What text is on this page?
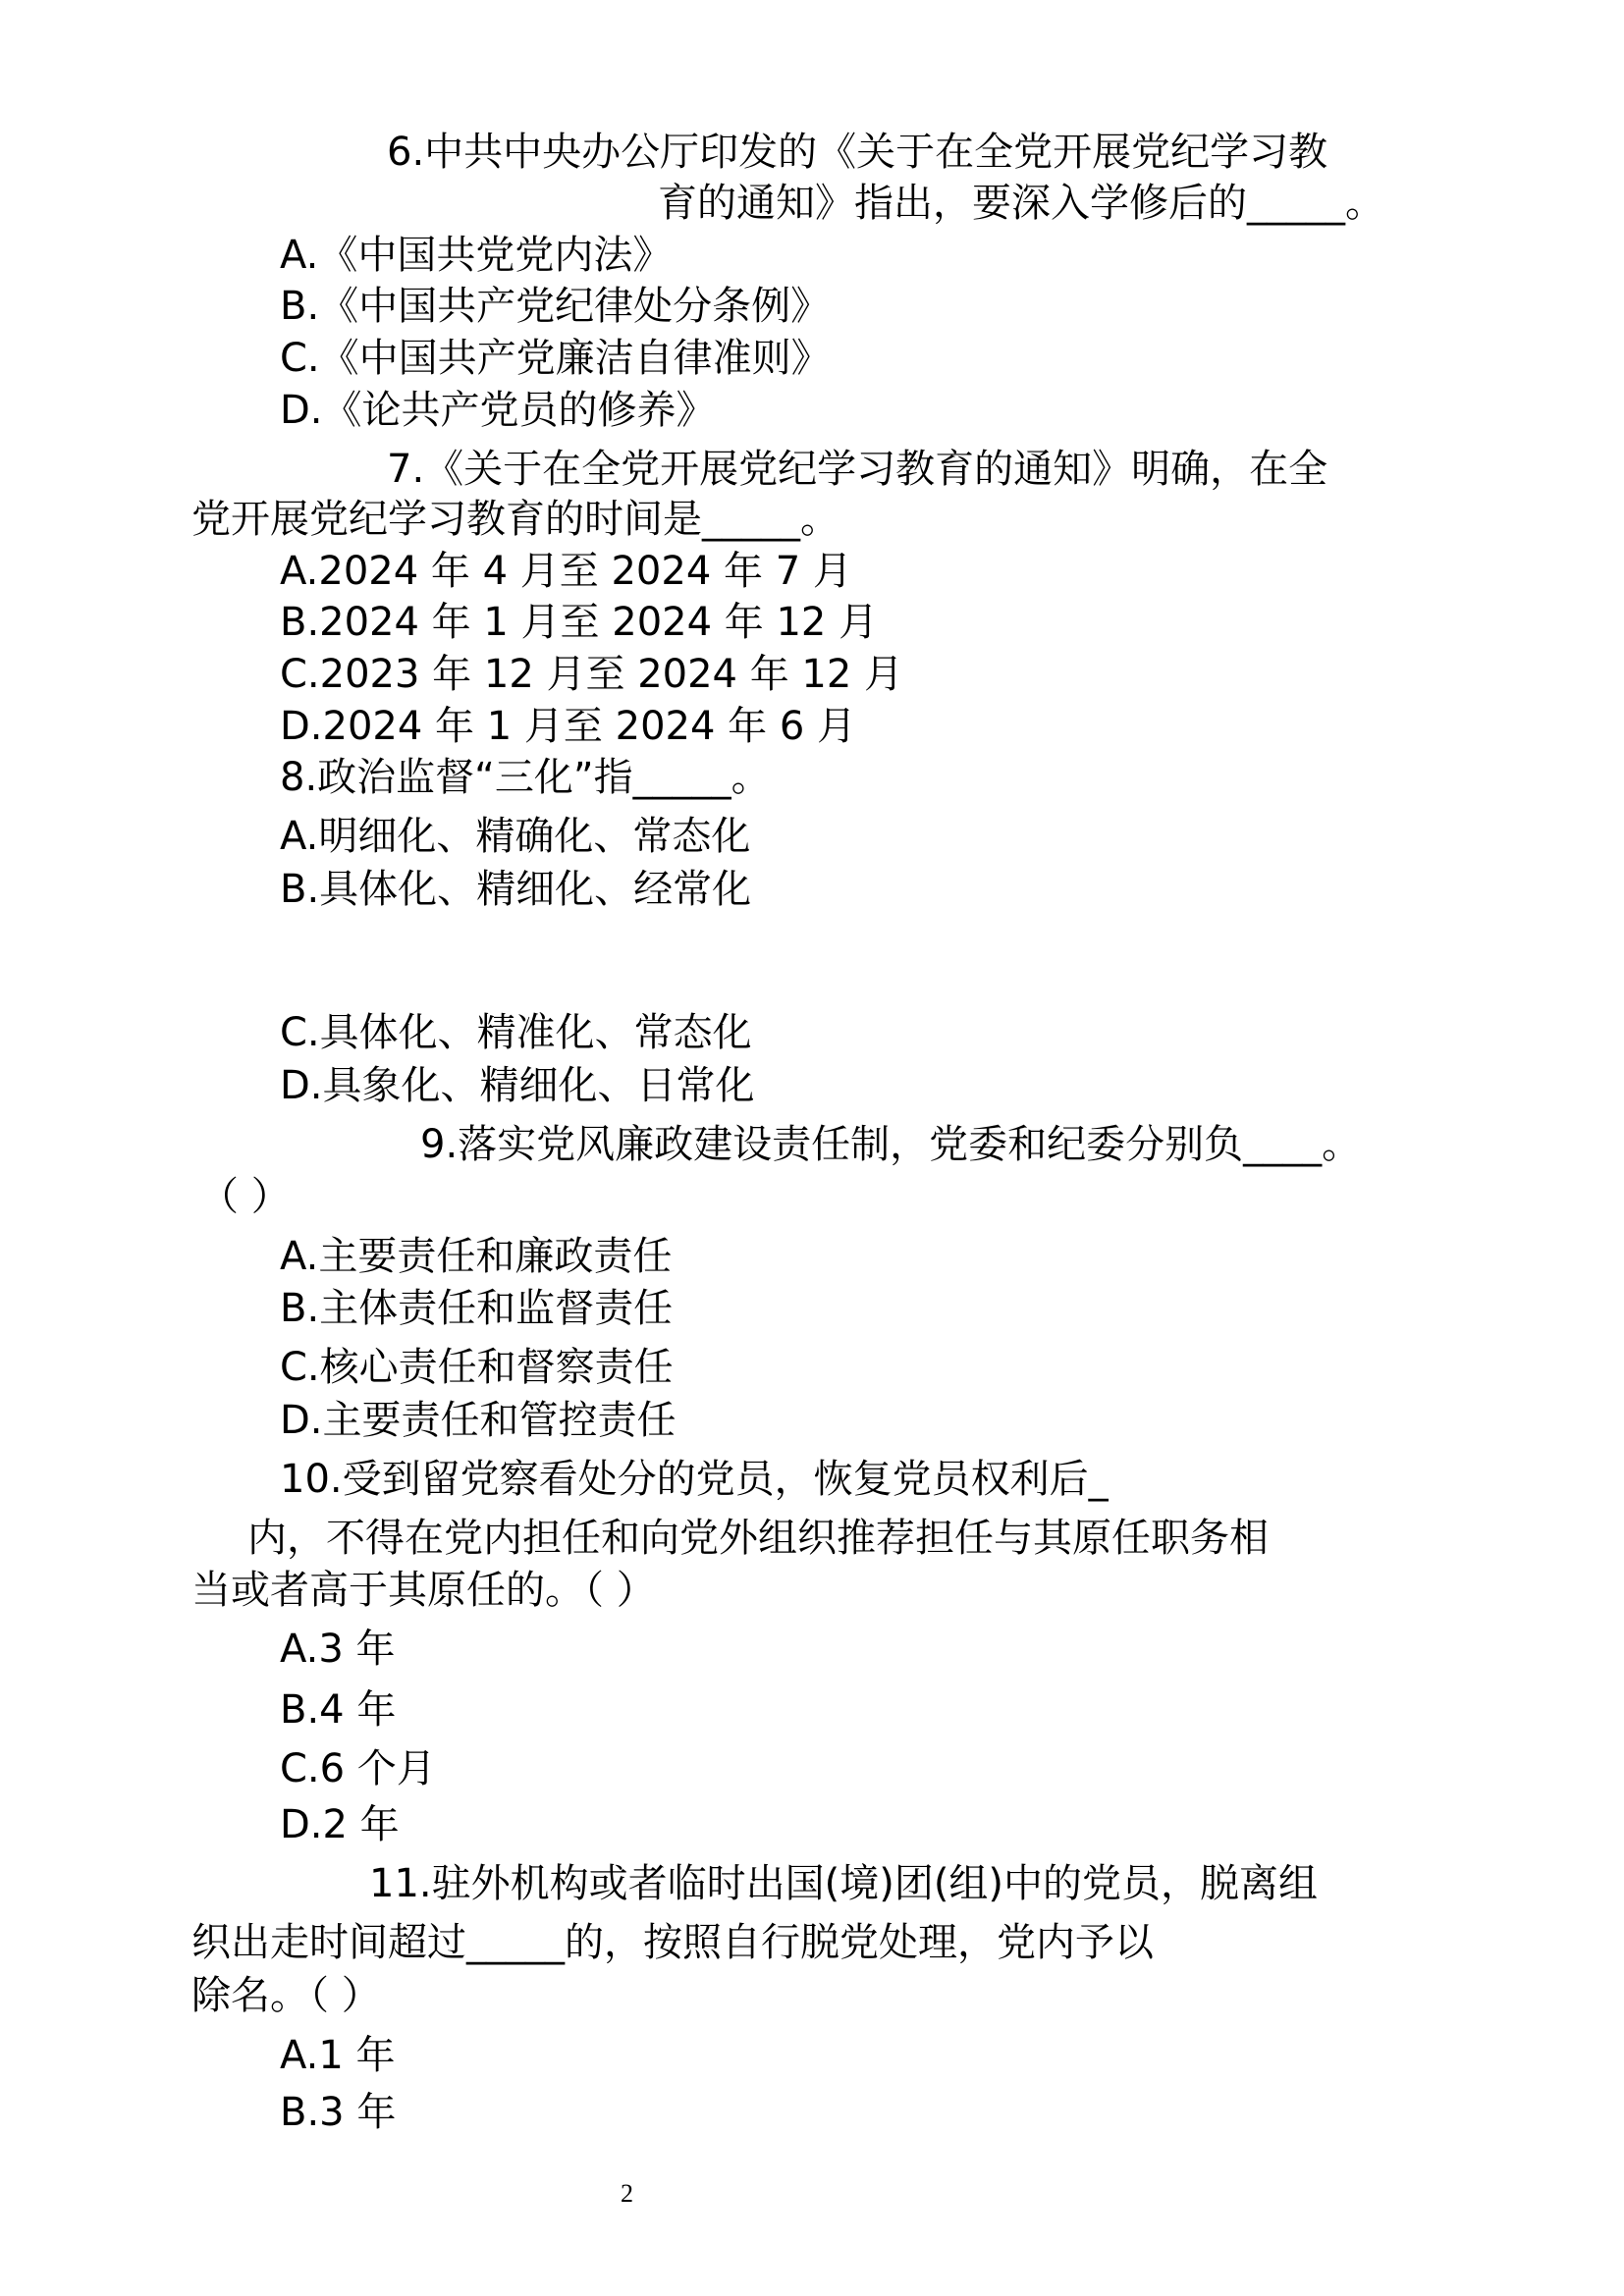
6.中共中央办公厅印发的《关于在全党开展党纪学习教
育的通知》指出，要深入学修后的_____。
A.《中国共党党内法》
B.《中国共产党纪律处分条例》
C.《中国共产党廉洁自律准则》
D.《论共产党员的修养》
7.《关于在全党开展党纪学习教育的通知》明确，在全
党开展党纪学习教育的时间是_____。
A.2024 年 4 月至 2024 年 7 月
B.2024 年 1 月至 2024 年 12 月
C.2023 年 12 月至 2024 年 12 月
D.2024 年 1 月至 2024 年 6 月
8.政治监督“三化”指_____。
A.明细化、精确化、常态化
B.具体化、精细化、经常化
C.具体化、精准化、常态化
D.具象化、精细化、日常化
9.落实党风廉政建设责任制，党委和纪委分别负____。
（ ）
A.主要责任和廉政责任
B.主体责任和监督责任
C.核心责任和督察责任
D.主要责任和管控责任
10.受到留党察看处分的党员，恢复党员权利后_
内，不得在党内担任和向党外组织推荐担任与其原任职务相
当或者高于其原任的。（ ）
A.3 年
B.4 年
C.6 个月
D.2 年
11.驻外机构或者临时出国(境)团(组)中的党员，脱离组
织出走时间超过_____的，按照自行脱党处理，党内予以
除名。（ ）
A.1 年
B.3 年
2
